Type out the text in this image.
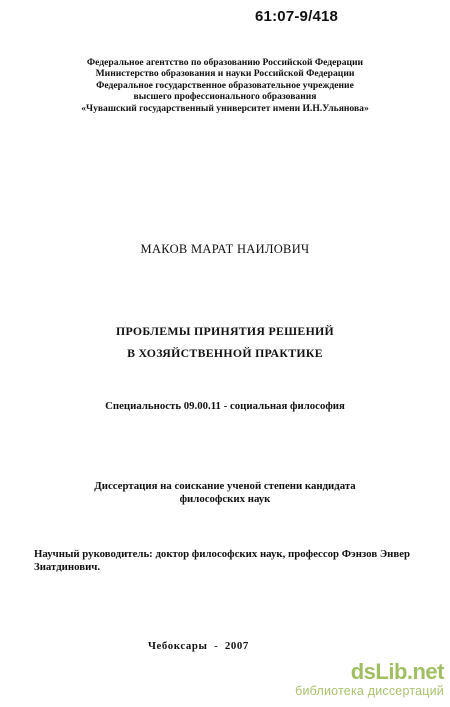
61:07-9/418
Федеральное агентство по образованию Российской Федерации
Министерство образования и науки Российской Федерации
Федеральное государственное образовательное учреждение
высшего профессионального образования
«Чувашский государственный университет имени И.Н.Ульянова»
МАКОВ МАРАТ НАИЛОВИЧ
ПРОБЛЕМЫ ПРИНЯТИЯ РЕШЕНИЙ
В ХОЗЯЙСТВЕННОЙ ПРАКТИКЕ
Специальность 09.00.11 - социальная философия
Диссертация на соискание ученой степени кандидата
философских наук
Научный руководитель: доктор философских наук, профессор Фэнзов Энвер Зиатдинович.
Чебоксары  -  2007
dsLib.net
библиотека диссертаций
